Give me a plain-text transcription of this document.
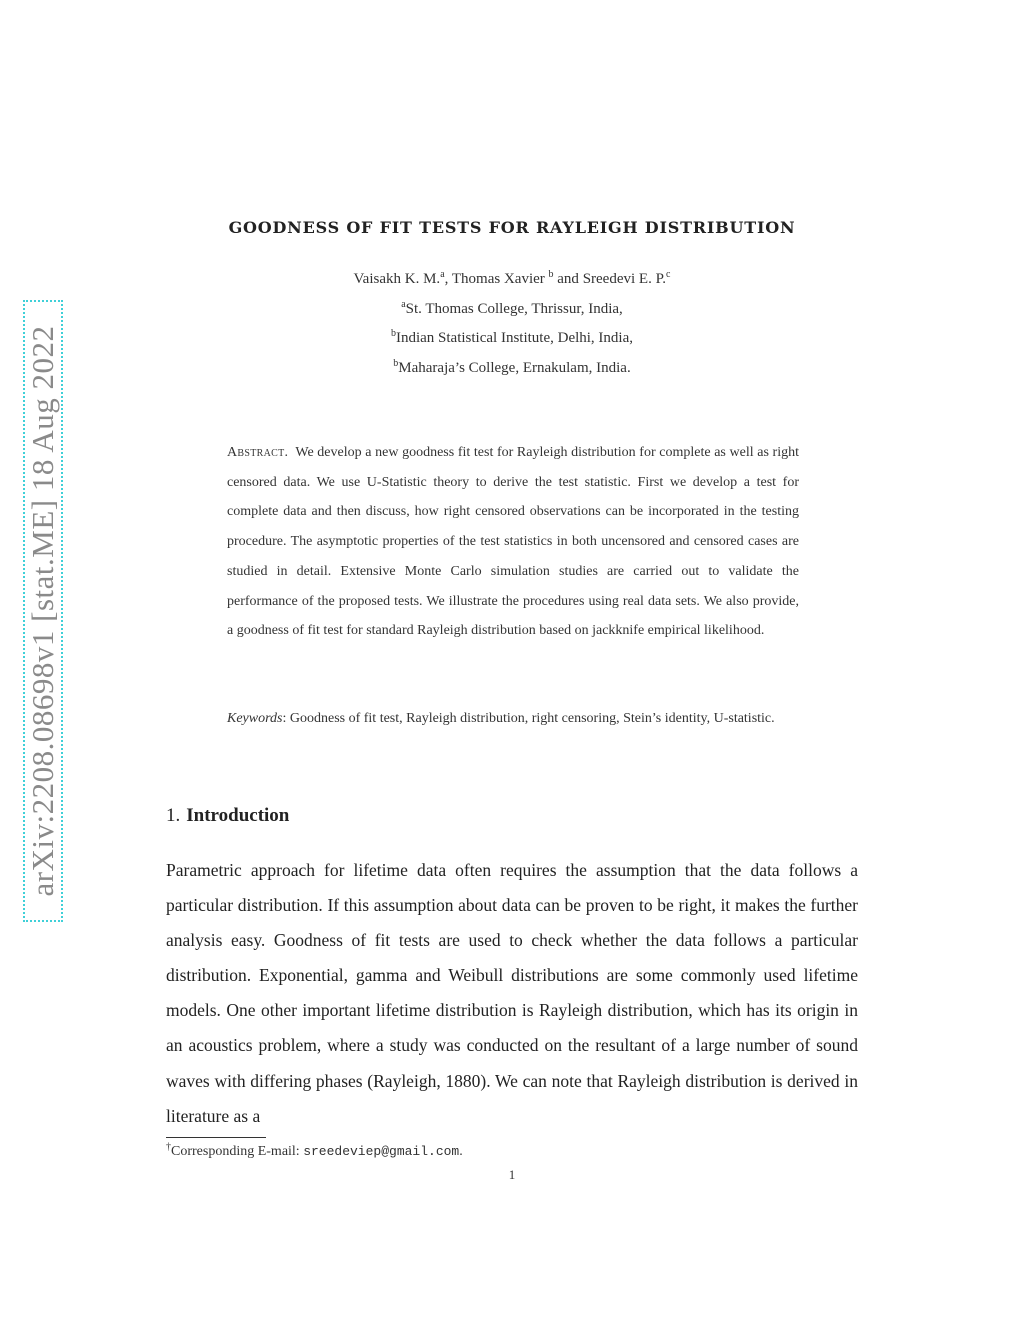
arXiv:2208.08698v1 [stat.ME] 18 Aug 2022
GOODNESS OF FIT TESTS FOR RAYLEIGH DISTRIBUTION
Vaisakh K. M.$^a$, Thomas Xavier $^b$ and Sreedevi E. P.$^c$
$^a$St. Thomas College, Thrissur, India,
$^b$Indian Statistical Institute, Delhi, India,
$^b$Maharaja’s College, Ernakulam, India.
Abstract. We develop a new goodness fit test for Rayleigh distribution for complete as well as right censored data. We use U-Statistic theory to derive the test statistic. First we develop a test for complete data and then discuss, how right censored observations can be incorporated in the testing procedure. The asymptotic properties of the test statistics in both uncensored and censored cases are studied in detail. Extensive Monte Carlo simulation studies are carried out to validate the performance of the proposed tests. We illustrate the procedures using real data sets. We also provide, a goodness of fit test for standard Rayleigh distribution based on jackknife empirical likelihood.
Keywords: Goodness of fit test, Rayleigh distribution, right censoring, Stein’s identity, U-statistic.
1. Introduction
Parametric approach for lifetime data often requires the assumption that the data follows a particular distribution. If this assumption about data can be proven to be right, it makes the further analysis easy. Goodness of fit tests are used to check whether the data follows a particular distribution. Exponential, gamma and Weibull distributions are some commonly used lifetime models. One other important lifetime distribution is Rayleigh distribution, which has its origin in an acoustics problem, where a study was conducted on the resultant of a large number of sound waves with differing phases (Rayleigh, 1880). We can note that Rayleigh distribution is derived in literature as a
†Corresponding E-mail: sreedeviep@gmail.com.
1
